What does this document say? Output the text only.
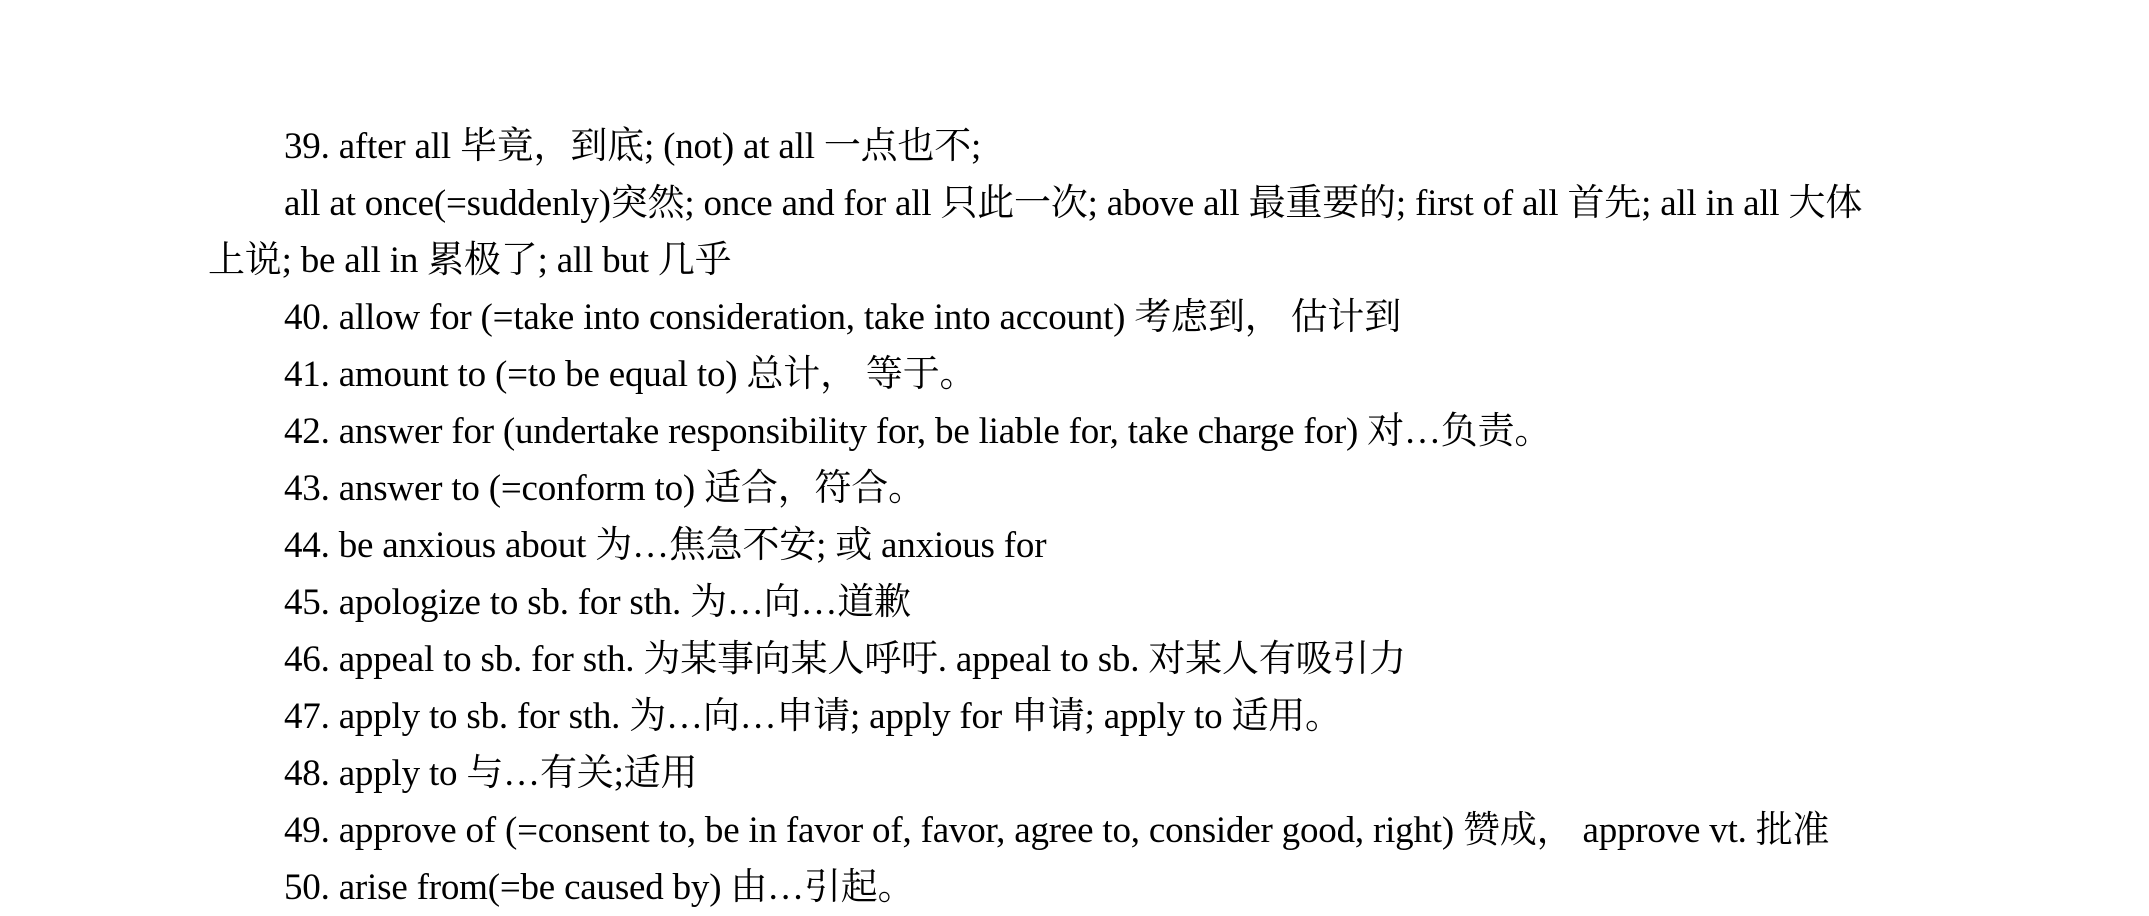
39. after all 毕竟，到底; (not) at all 一点也不;
all at once(=suddenly)突然; once and for all 只此一次; above all 最重要的; first of all 首先; all in all 大体
上说; be all in 累极了; all but 几乎
40. allow for (=take into consideration, take into account) 考虑到， 估计到
41. amount to (=to be equal to) 总计， 等于。
42. answer for (undertake responsibility for, be liable for, take charge for) 对…负责。
43. answer to (=conform to) 适合，符合。
44. be anxious about 为…焦急不安; 或 anxious for
45. apologize to sb. for sth. 为…向…道歉
46. appeal to sb. for sth. 为某事向某人呼吁. appeal to sb. 对某人有吸引力
47. apply to sb. for sth. 为…向…申请; apply for 申请; apply to 适用。
48. apply to 与…有关;适用
49. approve of (=consent to, be in favor of, favor, agree to, consider good, right) 赞成， approve vt. 批准
50. arise from(=be caused by) 由…引起。
